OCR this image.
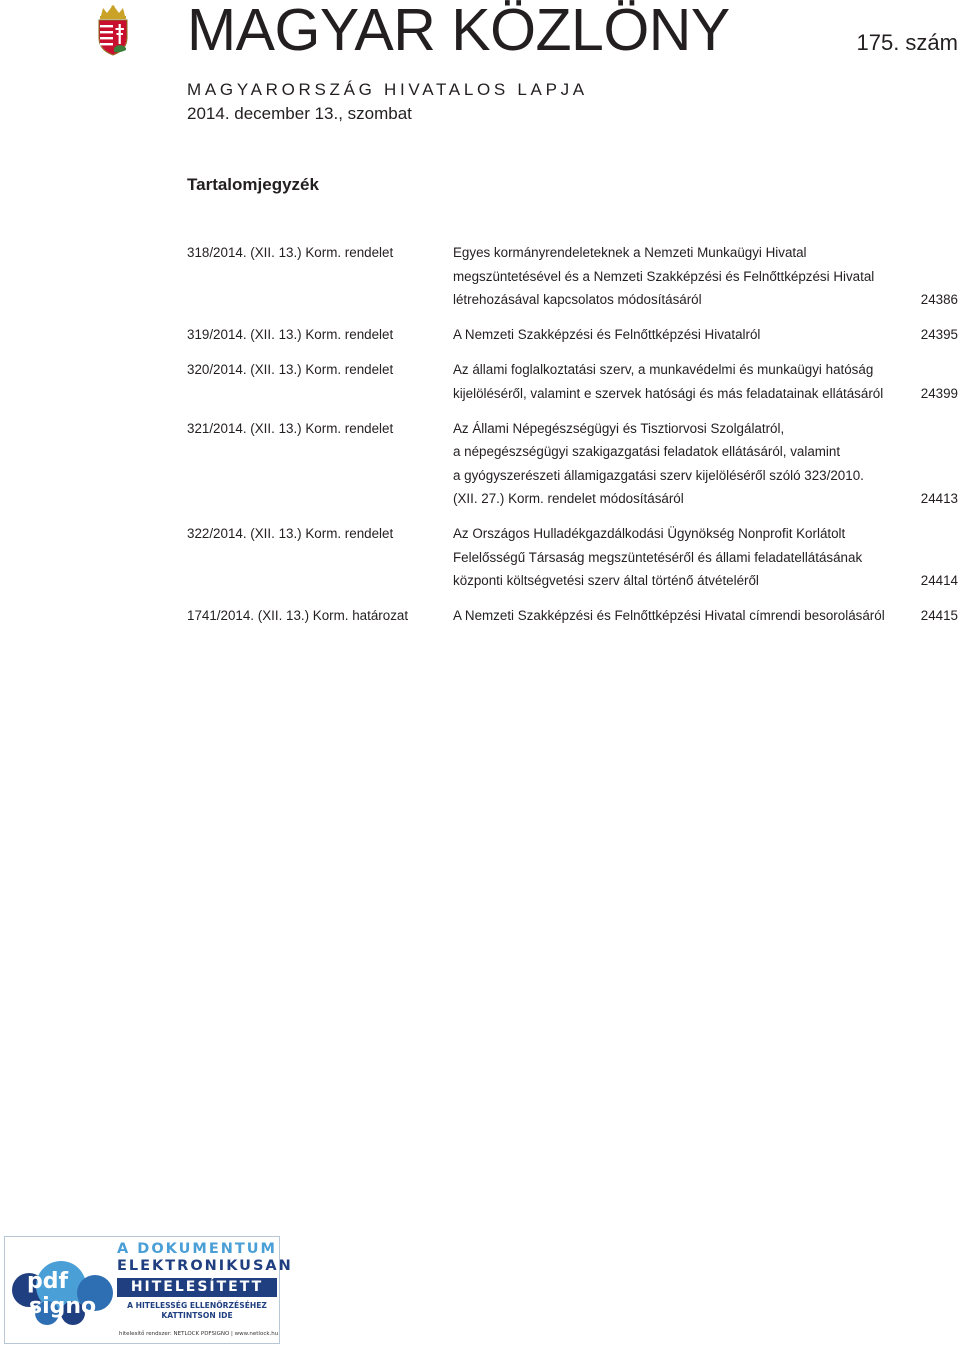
MAGYAR KÖZLÖNY	175. szám
MAGYARORSZÁG HIVATALOS LAPJA
2014. december 13., szombat
Tartalomjegyzék
318/2014. (XII. 13.) Korm. rendelet	Egyes kormányrendeleteknek a Nemzeti Munkaügyi Hivatal
megszüntetésével és a Nemzeti Szakképzési és Felnőttképzési Hivatal
létrehozásával kapcsolatos módosításáról	24386
319/2014. (XII. 13.) Korm. rendelet	A Nemzeti Szakképzési és Felnőttképzési Hivatalról	24395
320/2014. (XII. 13.) Korm. rendelet	Az állami foglalkoztatási szerv, a munkavédelmi és munkaügyi hatóság
kijelöléséről, valamint e szervek hatósági és más feladatainak ellátásáról	24399
321/2014. (XII. 13.) Korm. rendelet	Az Állami Népegészségügyi és Tisztiorvosi Szolgálatról,
a népegészségügyi szakigazgatási feladatok ellátásáról, valamint
a gyógyszerészeti államigazgatási szerv kijelöléséről szóló 323/2010.
(XII. 27.) Korm. rendelet módosításáról	24413
322/2014. (XII. 13.) Korm. rendelet	Az Országos Hulladékgazdálkodási Ügynökség Nonprofit Korlátolt
Felelősségű Társaság megszüntetéséről és állami feladatellátásának
központi költségvetési szerv által történő átvételéről	24414
1741/2014. (XII. 13.) Korm. határozat	A Nemzeti Szakképzési és Felnőttképzési Hivatal címrendi besorolásáról	24415
pdf
signo
A DOKUMENTUM
ELEKTRONIKUSAN
HITELESÍTETT
A HITELESSÉG ELLENŐRZÉSÉHEZ
KATTINTSON IDE
hitelesítő rendszer: NETLOCK PDFSIGNO | www.netlock.hu
